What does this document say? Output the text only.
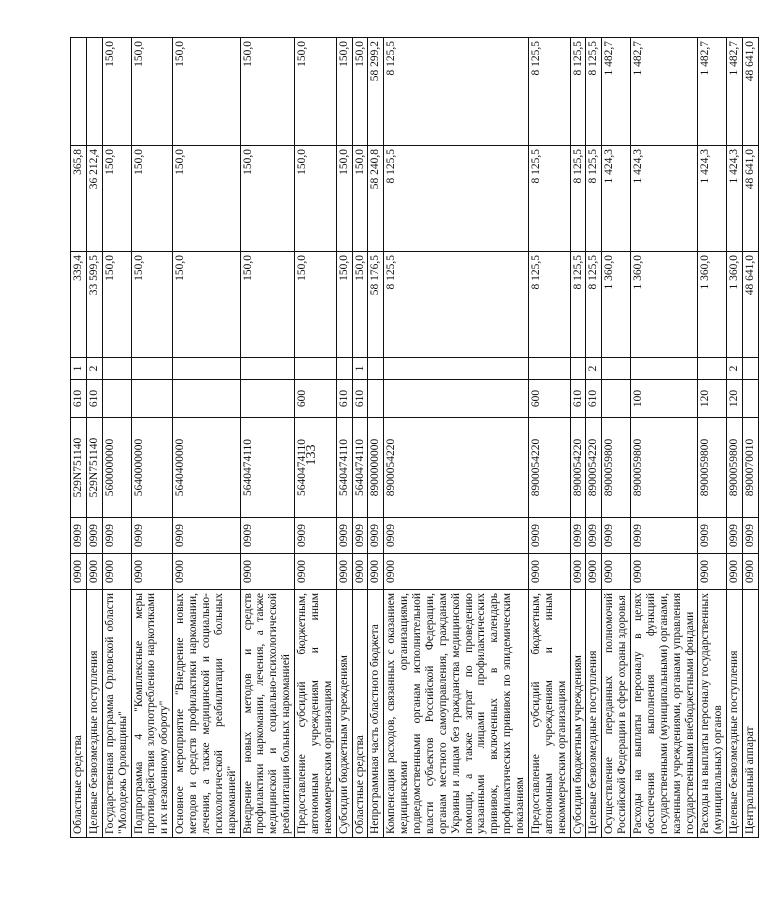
133
Областные средства	0900	0909	529N751140	610	1	339,4	365,8	
Целевые безвозмездные поступления	0900	0909	529N751140	610	2	33 599,5	36 212,4	
Государственная программа Орловской области "Молодежь Орловщины"	0900	0909	5600000000			150,0	150,0	150,0
Подпрограмма 4 "Комплексные меры противодействия злоупотреблению наркотиками и их незаконному обороту"	0900	0909	5640000000			150,0	150,0	150,0
Основное мероприятие "Внедрение новых методов и средств профилактики наркомании, лечения, а также медицинской и социально-психологической реабилитации больных наркоманией"	0900	0909	5640400000			150,0	150,0	150,0
Внедрение новых методов и средств профилактики наркомании, лечения, а также медицинской и социально-психологической реабилитации больных наркоманией	0900	0909	5640474110			150,0	150,0	150,0
Предоставление субсидий бюджетным, автономным учреждениям и иным некоммерческим организациям	0900	0909	5640474110	600		150,0	150,0	150,0
Субсидии бюджетным учреждениям	0900	0909	5640474110	610		150,0	150,0	150,0
Областные средства	0900	0909	5640474110	610	1	150,0	150,0	150,0
Непрограммная часть областного бюджета	0900	0909	8900000000			58 176,5	58 240,8	58 299,2
Компенсация расходов, связанных с оказанием медицинскими организациями, подведомственными органам исполнительной власти субъектов Российской Федерации, органам местного самоуправления, гражданам Украины и лицам без гражданства медицинской помощи, а также затрат по проведению указанными лицами профилактических прививок, включенных в календарь профилактических прививок по эпидемическим показаниям	0900	0909	8900054220			8 125,5	8 125,5	8 125,5
Предоставление субсидий бюджетным, автономным учреждениям и иным некоммерческим организациям	0900	0909	8900054220	600		8 125,5	8 125,5	8 125,5
Субсидии бюджетным учреждениям	0900	0909	8900054220	610		8 125,5	8 125,5	8 125,5
Целевые безвозмездные поступления	0900	0909	8900054220	610	2	8 125,5	8 125,5	8 125,5
Осуществление переданных полномочий Российской Федерации в сфере охраны здоровья	0900	0909	8900059800			1 360,0	1 424,3	1 482,7
Расходы на выплаты персоналу в целях обеспечения выполнения функций государственными (муниципальными) органами, казенными учреждениями, органами управления государственными внебюджетными фондами	0900	0909	8900059800	100		1 360,0	1 424,3	1 482,7
Расходы на выплаты персоналу государственных (муниципальных) органов	0900	0909	8900059800	120		1 360,0	1 424,3	1 482,7
Целевые безвозмездные поступления	0900	0909	8900059800	120	2	1 360,0	1 424,3	1 482,7
Центральный аппарат	0900	0909	8900070010			48 641,0	48 641,0	48 641,0
